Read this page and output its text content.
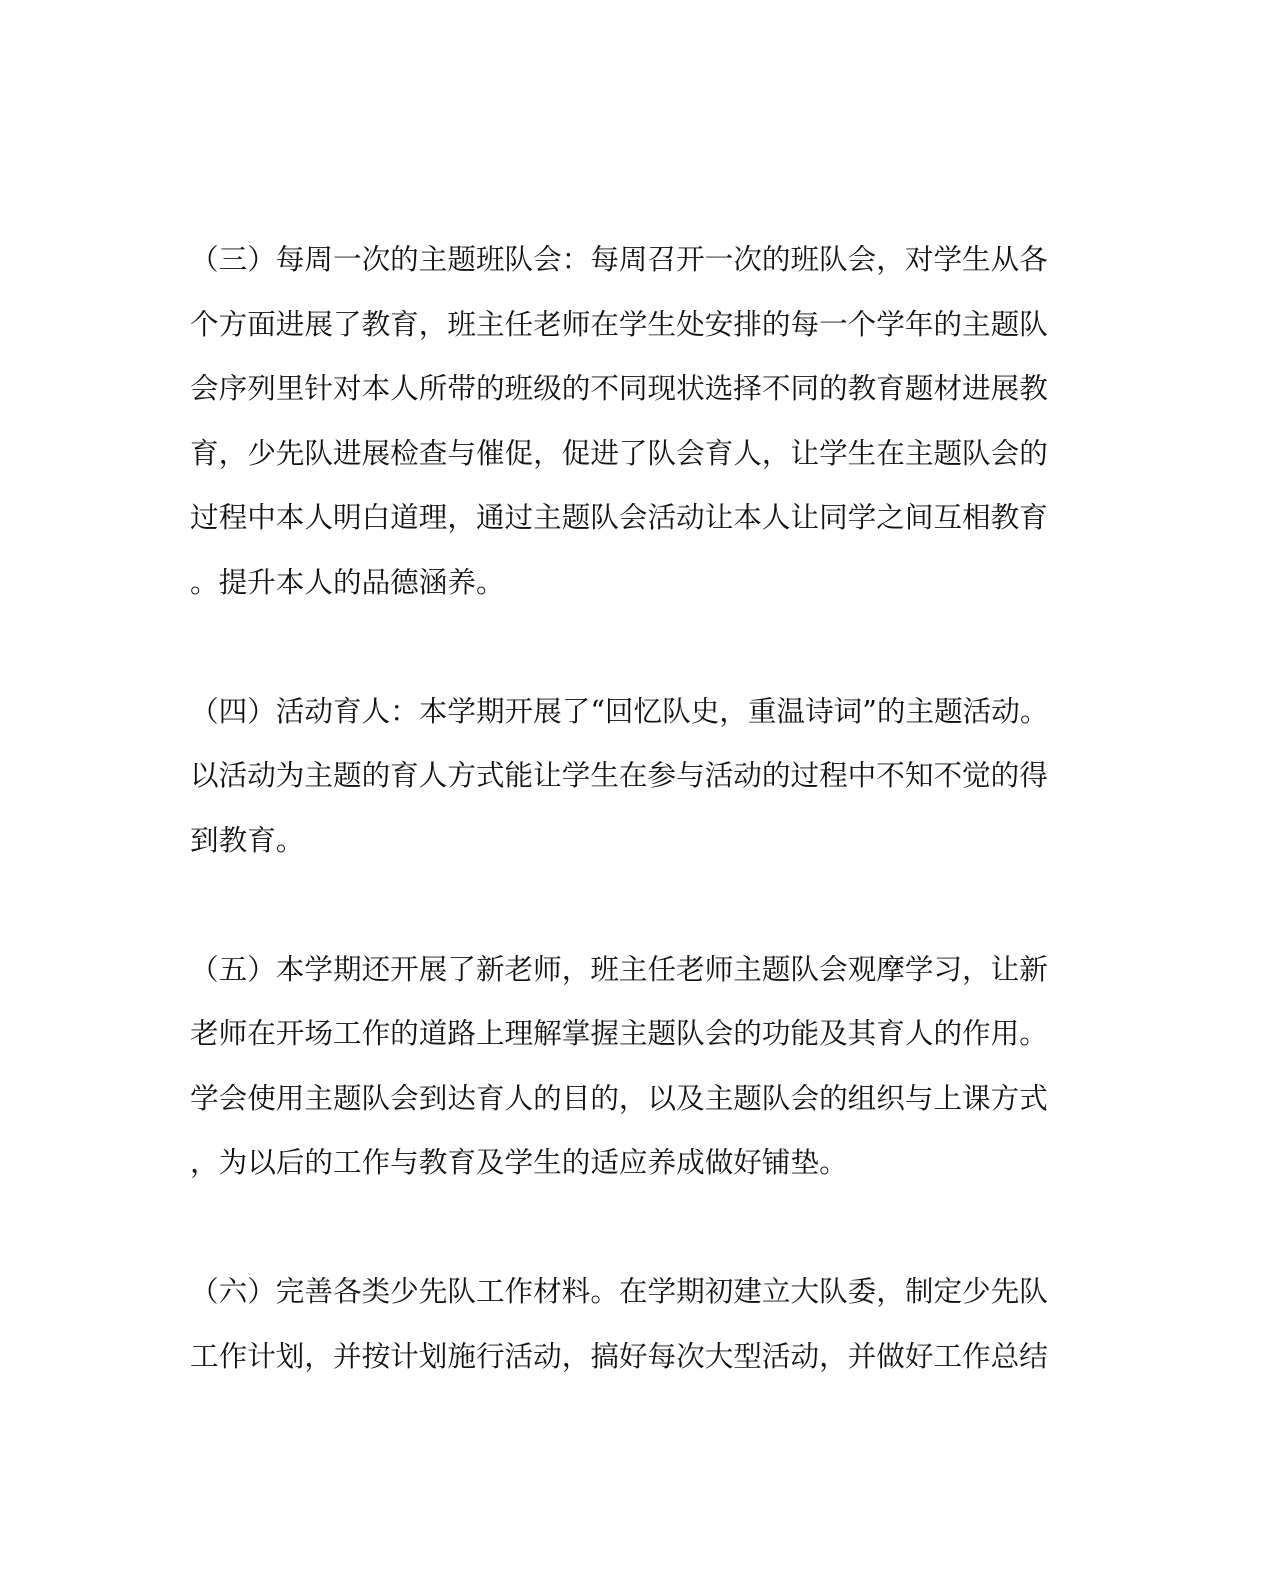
（三）每周一次的主题班队会：每周召开一次的班队会，对学生从各
个方面进展了教育，班主任老师在学生处安排的每一个学年的主题队
会序列里针对本人所带的班级的不同现状选择不同的教育题材进展教
育，少先队进展检查与催促，促进了队会育人，让学生在主题队会的
过程中本人明白道理，通过主题队会活动让本人让同学之间互相教育
。提升本人的品德涵养。
（四）活动育人：本学期开展了“回忆队史，重温诗词”的主题活动。
以活动为主题的育人方式能让学生在参与活动的过程中不知不觉的得
到教育。
（五）本学期还开展了新老师，班主任老师主题队会观摩学习，让新
老师在开场工作的道路上理解掌握主题队会的功能及其育人的作用。
学会使用主题队会到达育人的目的，以及主题队会的组织与上课方式
，为以后的工作与教育及学生的适应养成做好铺垫。
（六）完善各类少先队工作材料。在学期初建立大队委，制定少先队
工作计划，并按计划施行活动，搞好每次大型活动，并做好工作总结
